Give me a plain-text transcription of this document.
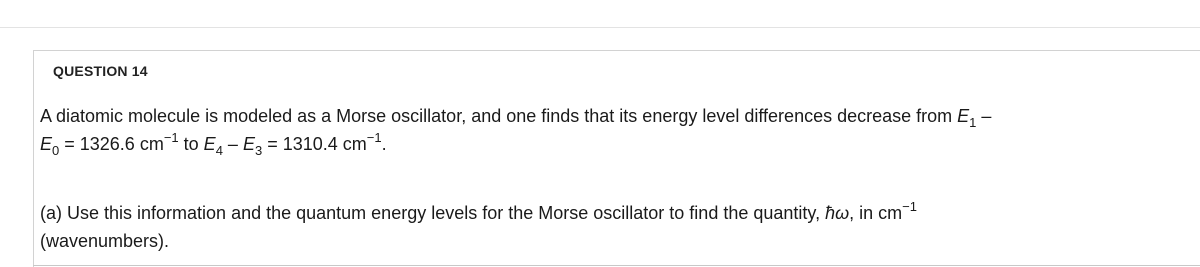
QUESTION 14
A diatomic molecule is modeled as a Morse oscillator, and one finds that its energy level differences decrease from $E_1$ –
$E_0 = 1326.6$ $cm^{-1}$ to $E_4 - E_3 = 1310.4$ $cm^{-1}$.
(a) Use this information and the quantum energy levels for the Morse oscillator to find the quantity, ħω, in $cm^{-1}$
(wavenumbers).
